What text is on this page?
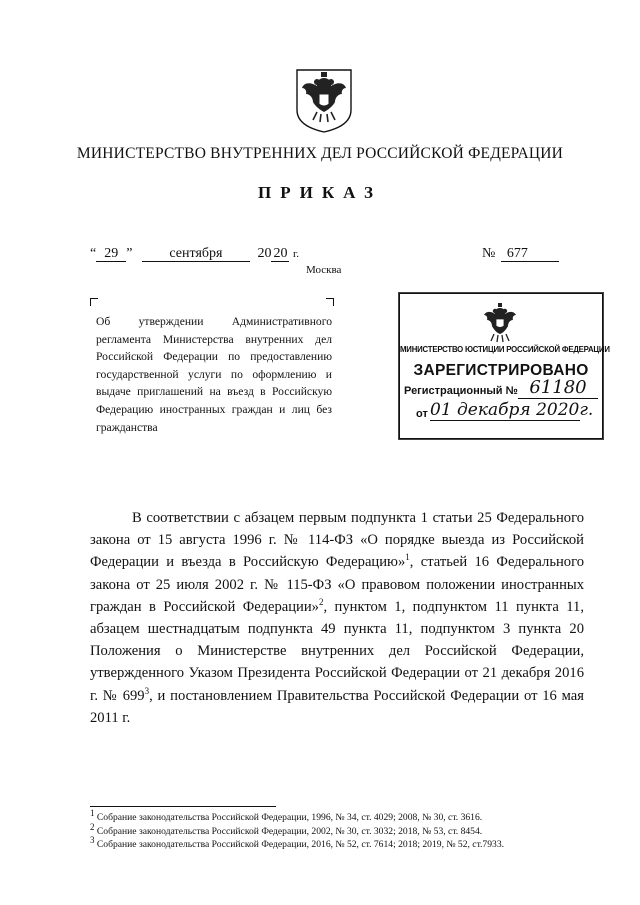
МИНИСТЕРСТВО ВНУТРЕННИХ ДЕЛ РОССИЙСКОЙ ФЕДЕРАЦИИ
ПРИКАЗ
“ 29 ”	сентября 20 20 г.	№ 677
Москва
Об утверждении Административного регламента Министерства внутренних дел Российской Федерации по предоставлению государственной услуги по оформлению и выдаче приглашений на въезд в Российскую Федерацию иностранных граждан и лиц без гражданства
МИНИСТЕРСТВО ЮСТИЦИИ РОССИЙСКОЙ ФЕДЕРАЦИИ
ЗАРЕГИСТРИРОВАНО
Регистрационный № 61180
от 01 декабря 2020г.

В соответствии с абзацем первым подпункта 1 статьи 25 Федерального закона от 15 августа 1996 г. № 114-ФЗ «О порядке выезда из Российской Федерации и въезда в Российскую Федерацию»$^1$, статьей 16 Федерального закона от 25 июля 2002 г. № 115-ФЗ «О правовом положении иностранных граждан в Российской Федерации»$^2$, пунктом 1, подпунктом 11 пункта 11, абзацем шестнадцатым подпункта 49 пункта 11, подпунктом 3 пункта 20 Положения о Министерстве внутренних дел Российской Федерации, утвержденного Указом Президента Российской Федерации от 21 декабря 2016 г. № $699^3$, и постановлением Правительства Российской Федерации от 16 мая 2011 г.

$^1$ Собрание законодательства Российской Федерации, 1996, № 34, ст. 4029; 2008, № 30, ст. 3616.
$^2$ Собрание законодательства Российской Федерации, 2002, № 30, ст. 3032; 2018, № 53, ст. 8454.
$^3$ Собрание законодательства Российской Федерации, 2016, № 52, ст. 7614; 2018; 2019, № 52, ст.7933.
